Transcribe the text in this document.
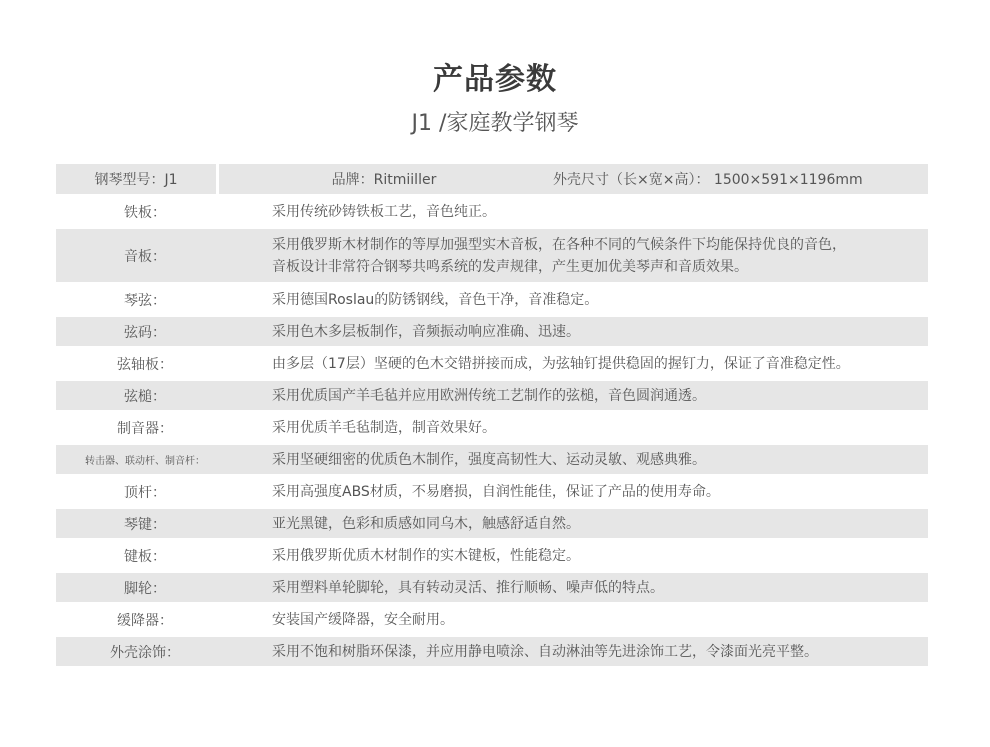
产品参数
J1 /家庭教学钢琴
钢琴型号：J1	品牌：Ritmiiller	外壳尺寸（长×宽×高）： 1500×591×1196mm
铁板：	采用传统砂铸铁板工艺，音色纯正。
音板：
采用俄罗斯木材制作的等厚加强型实木音板，在各种不同的气候条件下均能保持优良的音色，
音板设计非常符合钢琴共鸣系统的发声规律，产生更加优美琴声和音质效果。
琴弦：	采用德国Roslau的防锈钢线，音色干净，音准稳定。
弦码：	采用色木多层板制作，音频振动响应准确、迅速。
弦轴板：	由多层（17层）坚硬的色木交错拼接而成，为弦轴钉提供稳固的握钉力，保证了音准稳定性。
弦槌：	采用优质国产羊毛毡并应用欧洲传统工艺制作的弦槌，音色圆润通透。
制音器：	采用优质羊毛毡制造，制音效果好。
转击器、联动杆、制音杆：	采用坚硬细密的优质色木制作，强度高韧性大、运动灵敏、观感典雅。
顶杆：	采用高强度ABS材质，不易磨损，自润性能佳，保证了产品的使用寿命。
琴键：	亚光黑键，色彩和质感如同乌木，触感舒适自然。
键板：	采用俄罗斯优质木材制作的实木键板，性能稳定。
脚轮：	采用塑料单轮脚轮，具有转动灵活、推行顺畅、噪声低的特点。
缓降器：	安装国产缓降器，安全耐用。
外壳涂饰：	采用不饱和树脂环保漆，并应用静电喷涂、自动淋油等先进涂饰工艺，令漆面光亮平整。
